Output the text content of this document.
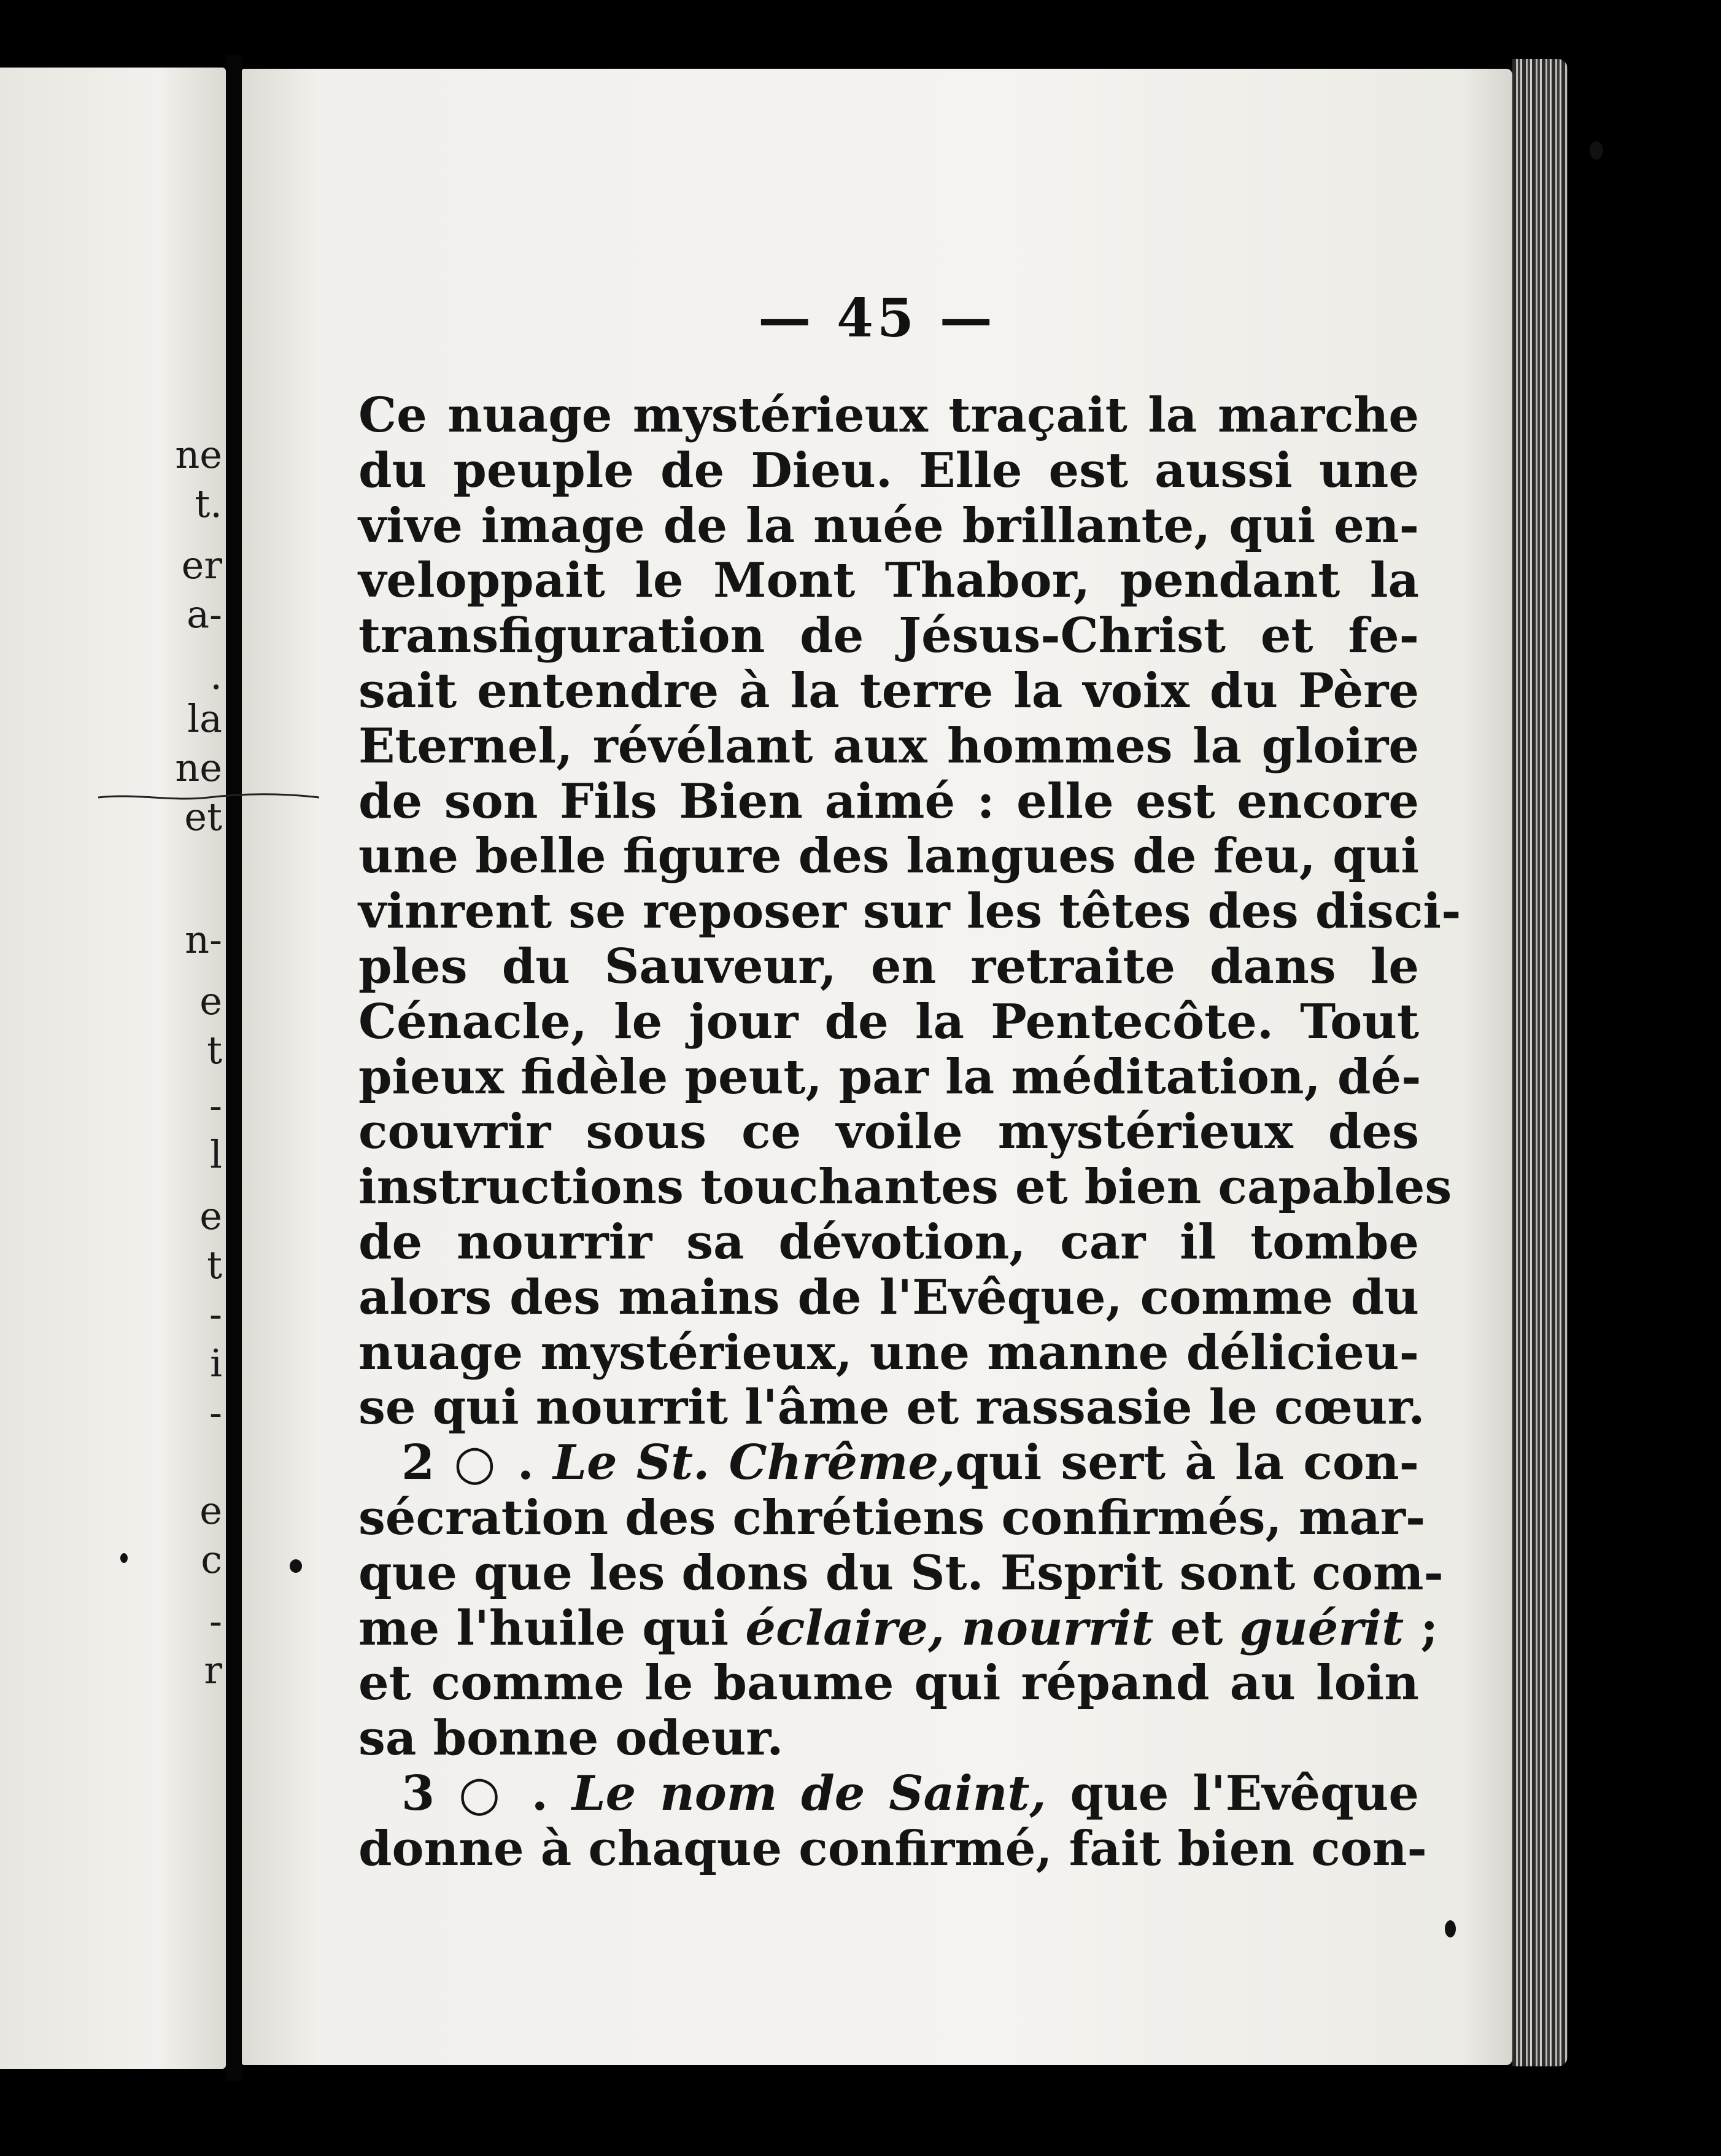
ne
t.
er
a-
.
la
ne
et
n-
e
t
-
l
e
t
-
i
-
e
c
-
r
— 45 —
Ce nuage mystérieux traçait la marche
du peuple de Dieu. Elle est aussi une
vive image de la nuée brillante, qui en-
veloppait le Mont Thabor, pendant la
transfiguration de Jésus-Christ et fe-
sait entendre à la terre la voix du Père
Eternel, révélant aux hommes la gloire
de son Fils Bien aimé : elle est encore
une belle figure des langues de feu, qui
vinrent se reposer sur les têtes des disci-
ples du Sauveur, en retraite dans le
Cénacle, le jour de la Pentecôte. Tout
pieux fidèle peut, par la méditation, dé-
couvrir sous ce voile mystérieux des
instructions touchantes et bien capables
de nourrir sa dévotion, car il tombe
alors des mains de l'Evêque, comme du
nuage mystérieux, une manne délicieu-
se qui nourrit l'âme et rassasie le cœur.
2 ○ . Le St. Chrême,qui sert à la con-
sécration des chrétiens confirmés, mar-
que que les dons du St. Esprit sont com-
me l'huile qui éclaire, nourrit et guérit ;
et comme le baume qui répand au loin
sa bonne odeur.
3 ○ . Le nom de Saint, que l'Evêque
donne à chaque confirmé, fait bien con-
